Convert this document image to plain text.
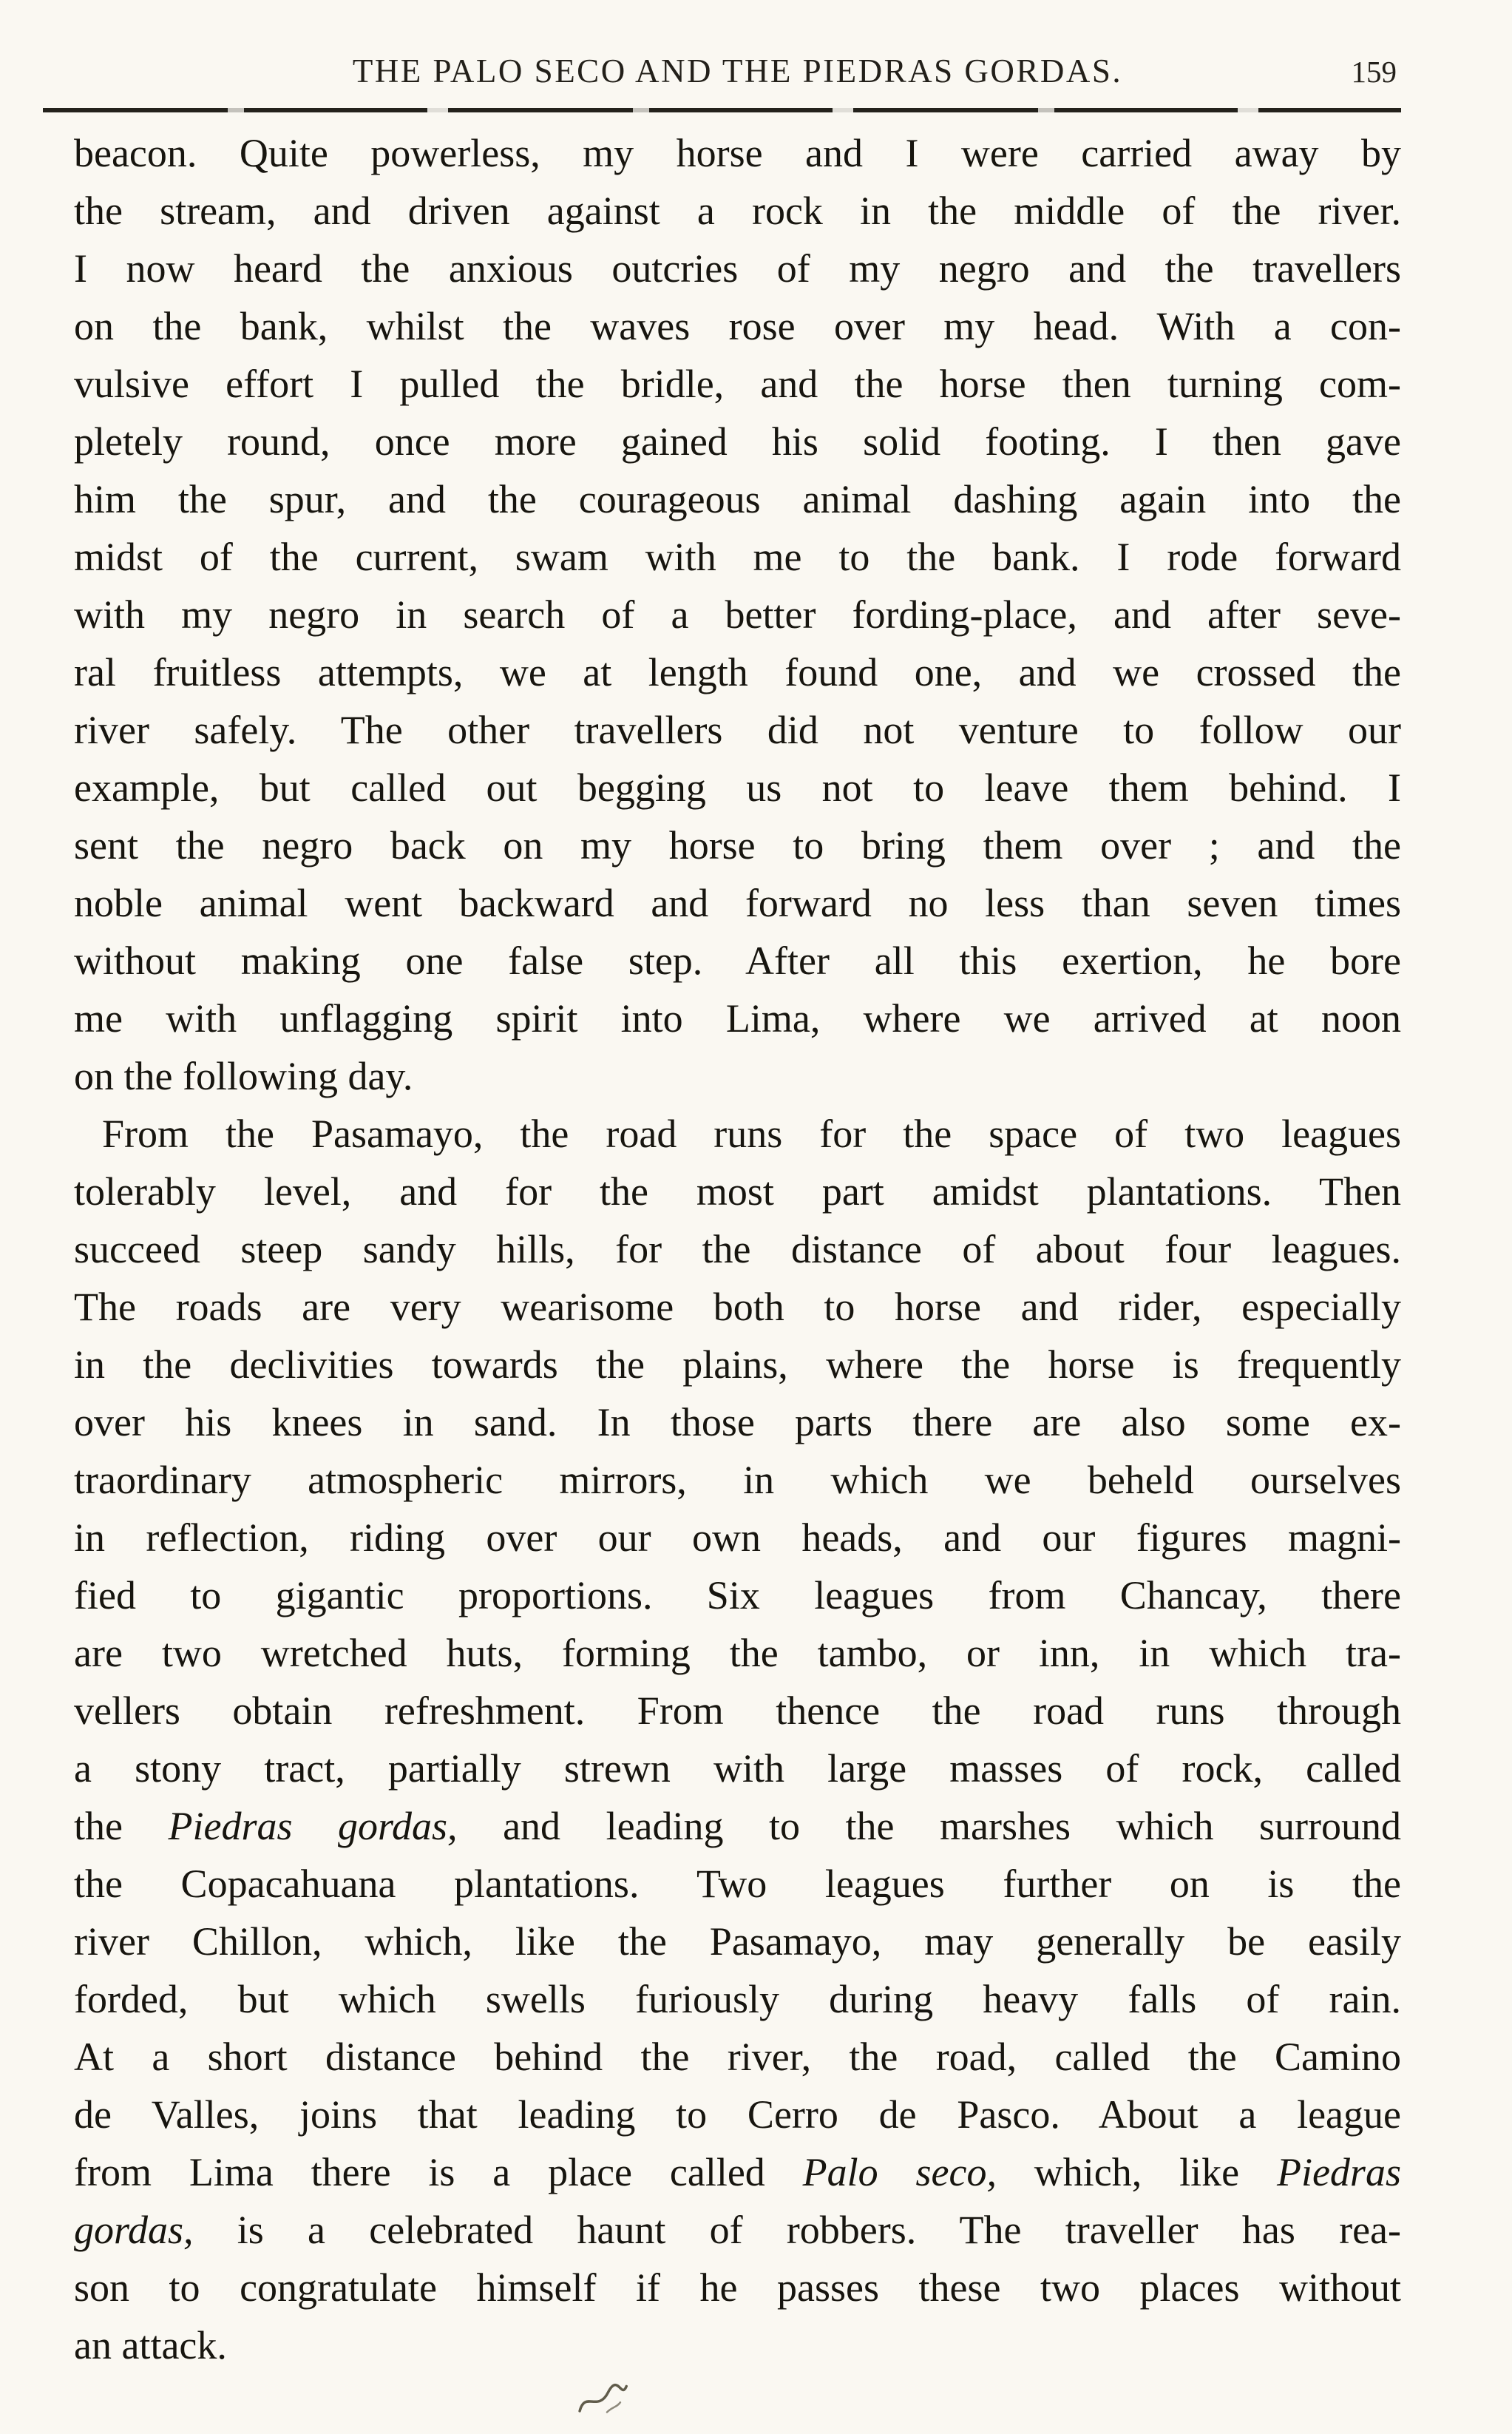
THE PALO SECO AND THE PIEDRAS GORDAS.	159
beacon. Quite powerless, my horse and I were carried away by
the stream, and driven against a rock in the middle of the river.
I now heard the anxious outcries of my negro and the travellers
on the bank, whilst the waves rose over my head. With a con-
vulsive effort I pulled the bridle, and the horse then turning com-
pletely round, once more gained his solid footing. I then gave
him the spur, and the courageous animal dashing again into the
midst of the current, swam with me to the bank. I rode forward
with my negro in search of a better fording-place, and after seve-
ral fruitless attempts, we at length found one, and we crossed the
river safely. The other travellers did not venture to follow our
example, but called out begging us not to leave them behind. I
sent the negro back on my horse to bring them over ; and the
noble animal went backward and forward no less than seven times
without making one false step. After all this exertion, he bore
me with unflagging spirit into Lima, where we arrived at noon
on the following day.
From the Pasamayo, the road runs for the space of two leagues
tolerably level, and for the most part amidst plantations. Then
succeed steep sandy hills, for the distance of about four leagues.
The roads are very wearisome both to horse and rider, especially
in the declivities towards the plains, where the horse is frequently
over his knees in sand. In those parts there are also some ex-
traordinary atmospheric mirrors, in which we beheld ourselves
in reflection, riding over our own heads, and our figures magni-
fied to gigantic proportions. Six leagues from Chancay, there
are two wretched huts, forming the tambo, or inn, in which tra-
vellers obtain refreshment. From thence the road runs through
a stony tract, partially strewn with large masses of rock, called
the Piedras gordas, and leading to the marshes which surround
the Copacahuana plantations. Two leagues further on is the
river Chillon, which, like the Pasamayo, may generally be easily
forded, but which swells furiously during heavy falls of rain.
At a short distance behind the river, the road, called the Camino
de Valles, joins that leading to Cerro de Pasco. About a league
from Lima there is a place called Palo seco, which, like Piedras
gordas, is a celebrated haunt of robbers. The traveller has rea-
son to congratulate himself if he passes these two places without
an attack.
